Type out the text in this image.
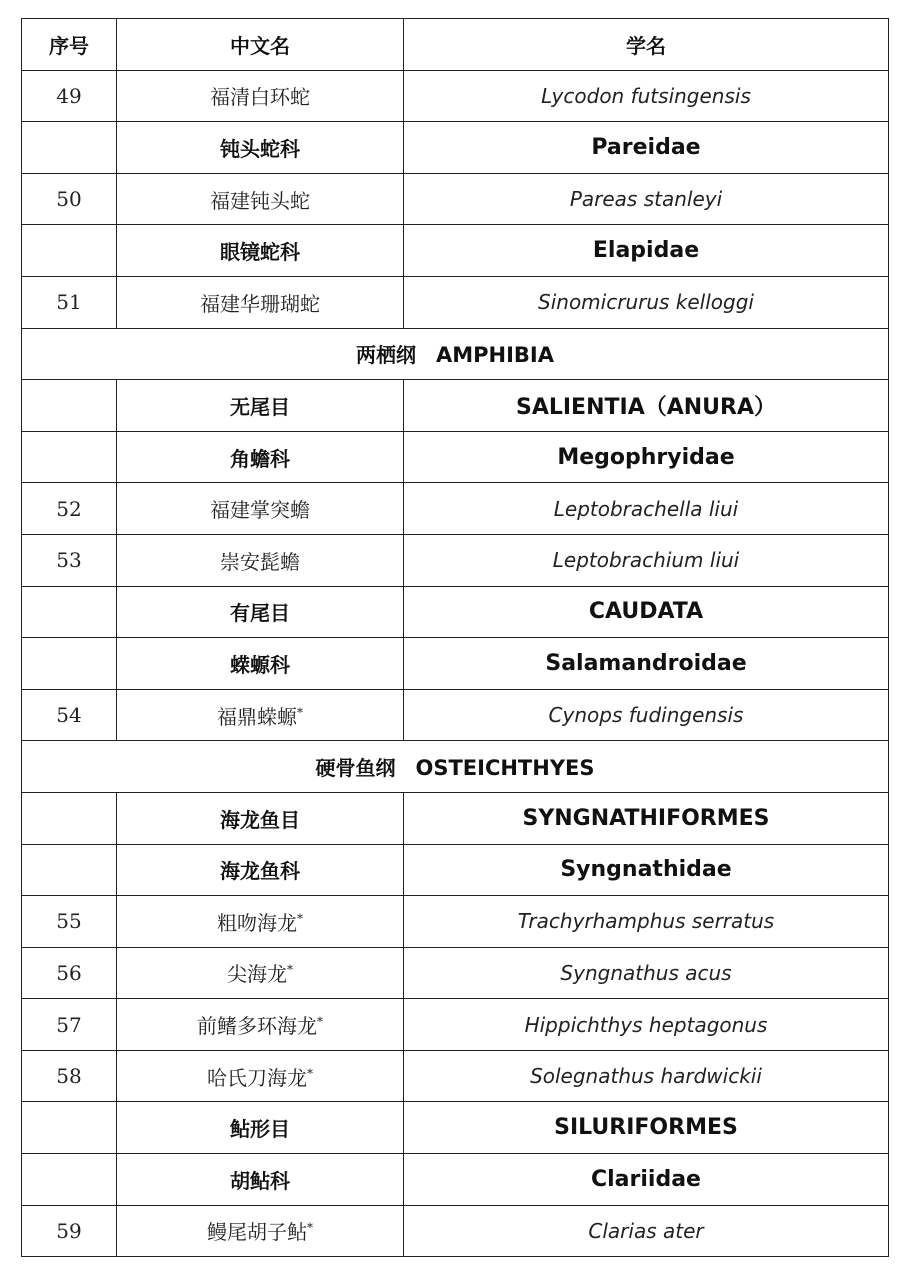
序号	中文名	学名
49	福清白环蛇	Lycodon futsingensis
	钝头蛇科	Pareidae
50	福建钝头蛇	Pareas stanleyi
	眼镜蛇科	Elapidae
51	福建华珊瑚蛇	Sinomicrurus kelloggi
两栖纲 AMPHIBIA		
	无尾目	SALIENTIA（ANURA）
	角蟾科	Megophryidae
52	福建掌突蟾	Leptobrachella liui
53	崇安髭蟾	Leptobrachium liui
	有尾目	CAUDATA
	蝾螈科	Salamandroidae
54	福鼎蝾螈*	Cynops fudingensis
硬骨鱼纲 OSTEICHTHYES		
	海龙鱼目	SYNGNATHIFORMES
	海龙鱼科	Syngnathidae
55	粗吻海龙*	Trachyrhamphus serratus
56	尖海龙*	Syngnathus acus
57	前鳍多环海龙*	Hippichthys heptagonus
58	哈氏刀海龙*	Solegnathus hardwickii
	鲇形目	SILURIFORMES
	胡鲇科	Clariidae
59	鳗尾胡子鲇*	Clarias ater
